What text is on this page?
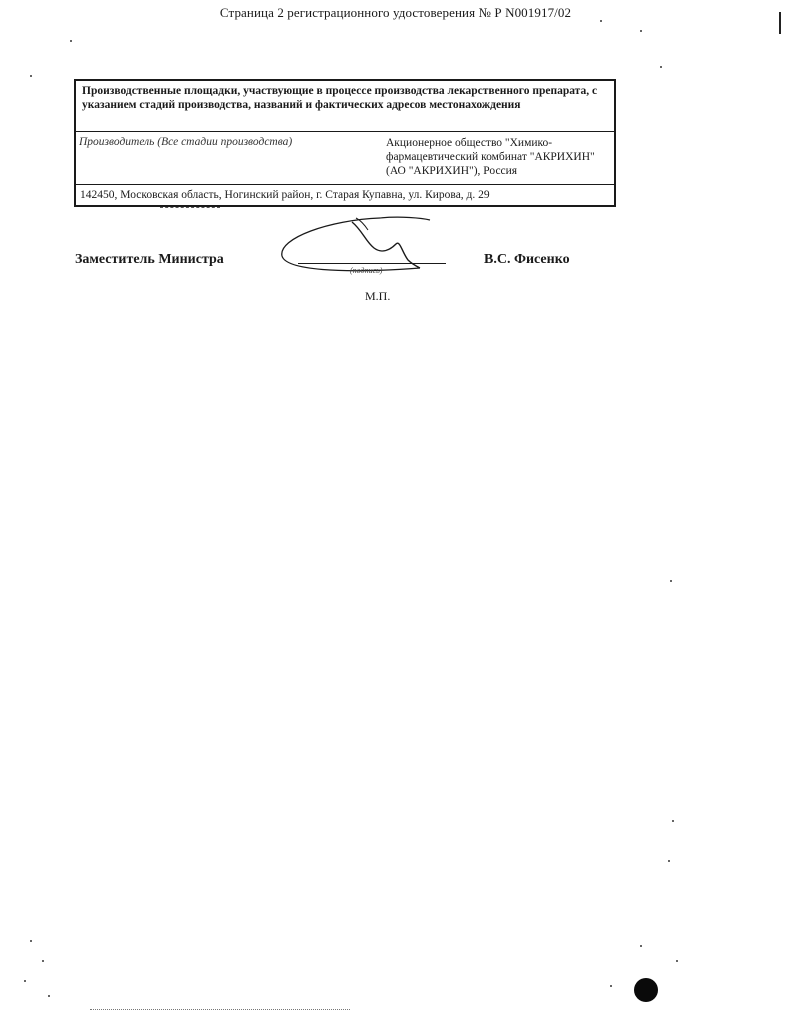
Страница 2 регистрационного удостоверения № Р N001917/02
Производственные площадки, участвующие в процессе производства лекарственного препарата, с указанием стадий производства, названий и фактических адресов местонахождения
Производитель (Все стадии производства)	Акционерное общество "Химико-фармацевтический комбинат "АКРИХИН" (АО "АКРИХИН"), Россия
142450, Московская область, Ногинский район, г. Старая Купавна, ул. Кирова, д. 29
Заместитель Министра
(подпись)
В.С. Фисенко
М.П.
